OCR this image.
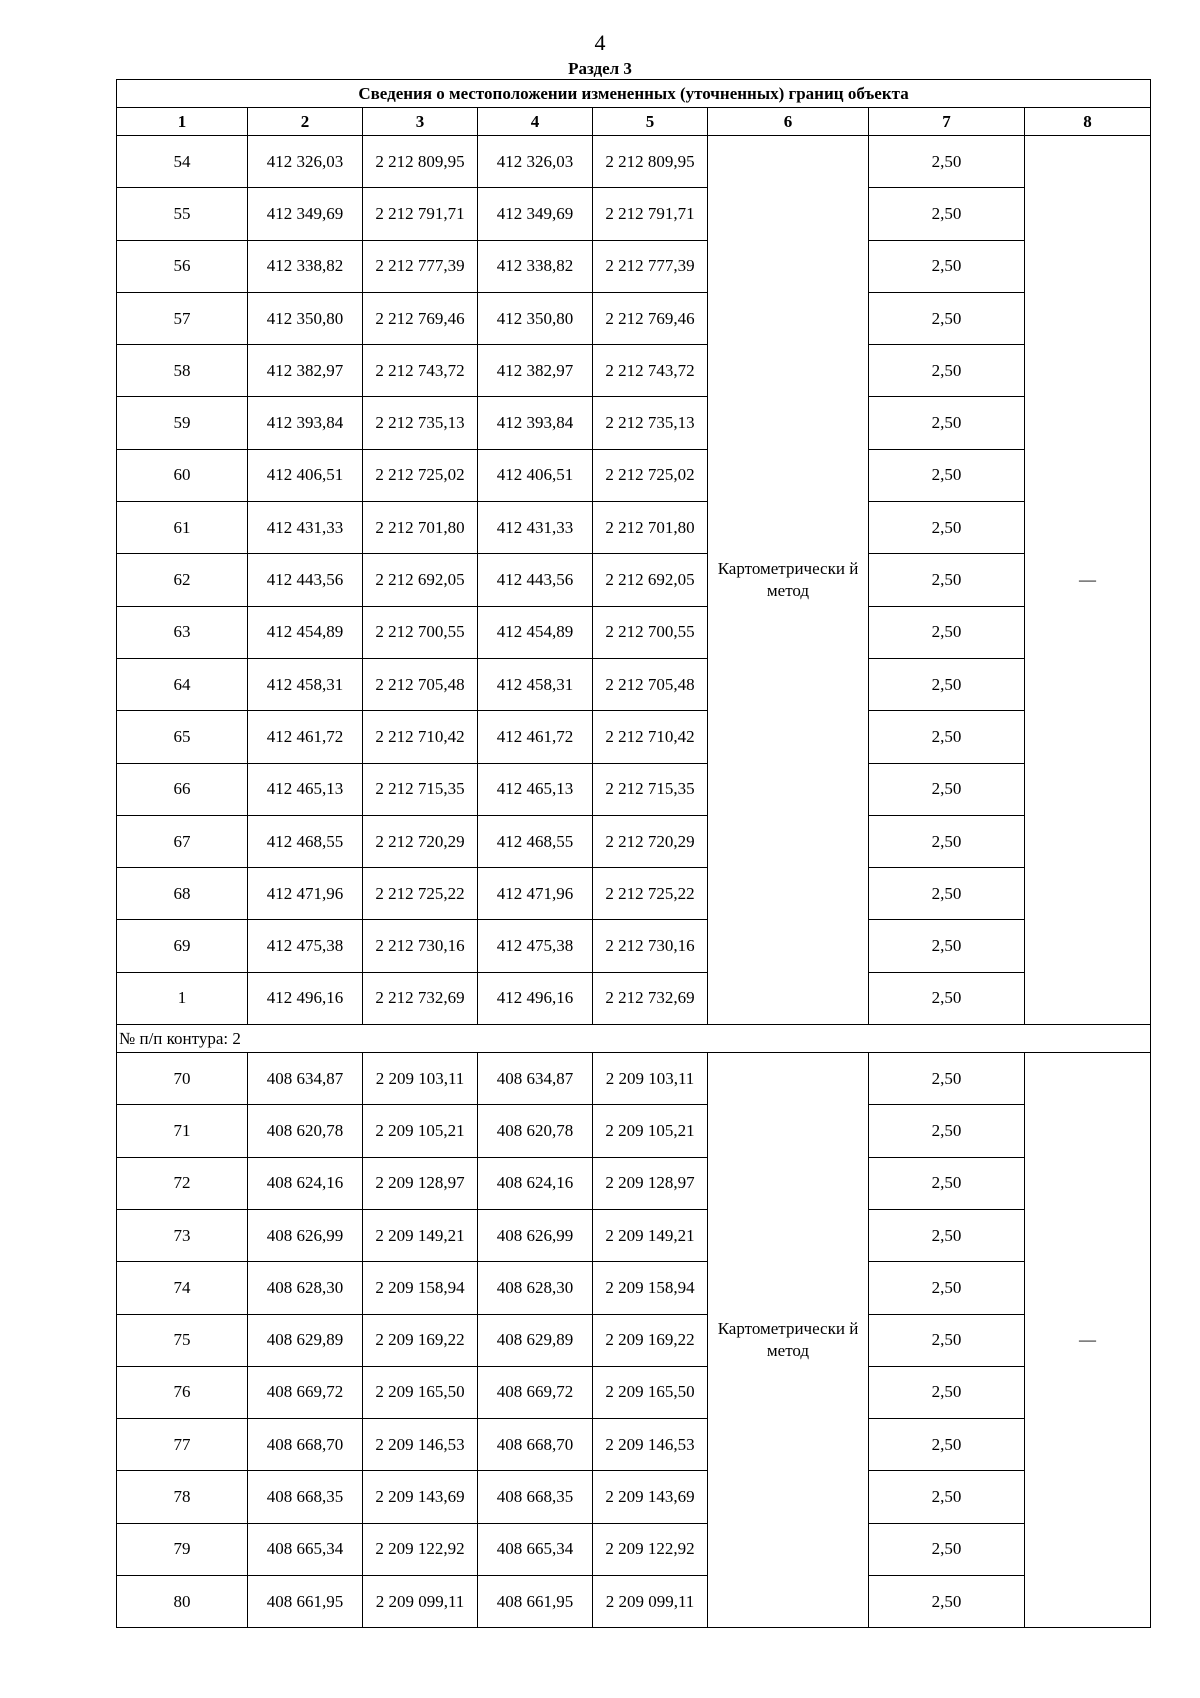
4
Раздел 3
Сведения о местоположении измененных (уточненных) границ объекта							
1	2	3	4	5	6	7	8
54	412 326,03	2 212 809,95	412 326,03	2 212 809,95	Картометрически й метод	2,50	—
55	412 349,69	2 212 791,71	412 349,69	2 212 791,71		2,50	
56	412 338,82	2 212 777,39	412 338,82	2 212 777,39		2,50	
57	412 350,80	2 212 769,46	412 350,80	2 212 769,46		2,50	
58	412 382,97	2 212 743,72	412 382,97	2 212 743,72		2,50	
59	412 393,84	2 212 735,13	412 393,84	2 212 735,13		2,50	
60	412 406,51	2 212 725,02	412 406,51	2 212 725,02		2,50	
61	412 431,33	2 212 701,80	412 431,33	2 212 701,80		2,50	
62	412 443,56	2 212 692,05	412 443,56	2 212 692,05		2,50	
63	412 454,89	2 212 700,55	412 454,89	2 212 700,55		2,50	
64	412 458,31	2 212 705,48	412 458,31	2 212 705,48		2,50	
65	412 461,72	2 212 710,42	412 461,72	2 212 710,42		2,50	
66	412 465,13	2 212 715,35	412 465,13	2 212 715,35		2,50	
67	412 468,55	2 212 720,29	412 468,55	2 212 720,29		2,50	
68	412 471,96	2 212 725,22	412 471,96	2 212 725,22		2,50	
69	412 475,38	2 212 730,16	412 475,38	2 212 730,16		2,50	
1	412 496,16	2 212 732,69	412 496,16	2 212 732,69		2,50	
№ п/п контура: 2							
70	408 634,87	2 209 103,11	408 634,87	2 209 103,11	Картометрически й метод	2,50	—
71	408 620,78	2 209 105,21	408 620,78	2 209 105,21		2,50	
72	408 624,16	2 209 128,97	408 624,16	2 209 128,97		2,50	
73	408 626,99	2 209 149,21	408 626,99	2 209 149,21		2,50	
74	408 628,30	2 209 158,94	408 628,30	2 209 158,94		2,50	
75	408 629,89	2 209 169,22	408 629,89	2 209 169,22		2,50	
76	408 669,72	2 209 165,50	408 669,72	2 209 165,50		2,50	
77	408 668,70	2 209 146,53	408 668,70	2 209 146,53		2,50	
78	408 668,35	2 209 143,69	408 668,35	2 209 143,69		2,50	
79	408 665,34	2 209 122,92	408 665,34	2 209 122,92		2,50	
80	408 661,95	2 209 099,11	408 661,95	2 209 099,11		2,50	
